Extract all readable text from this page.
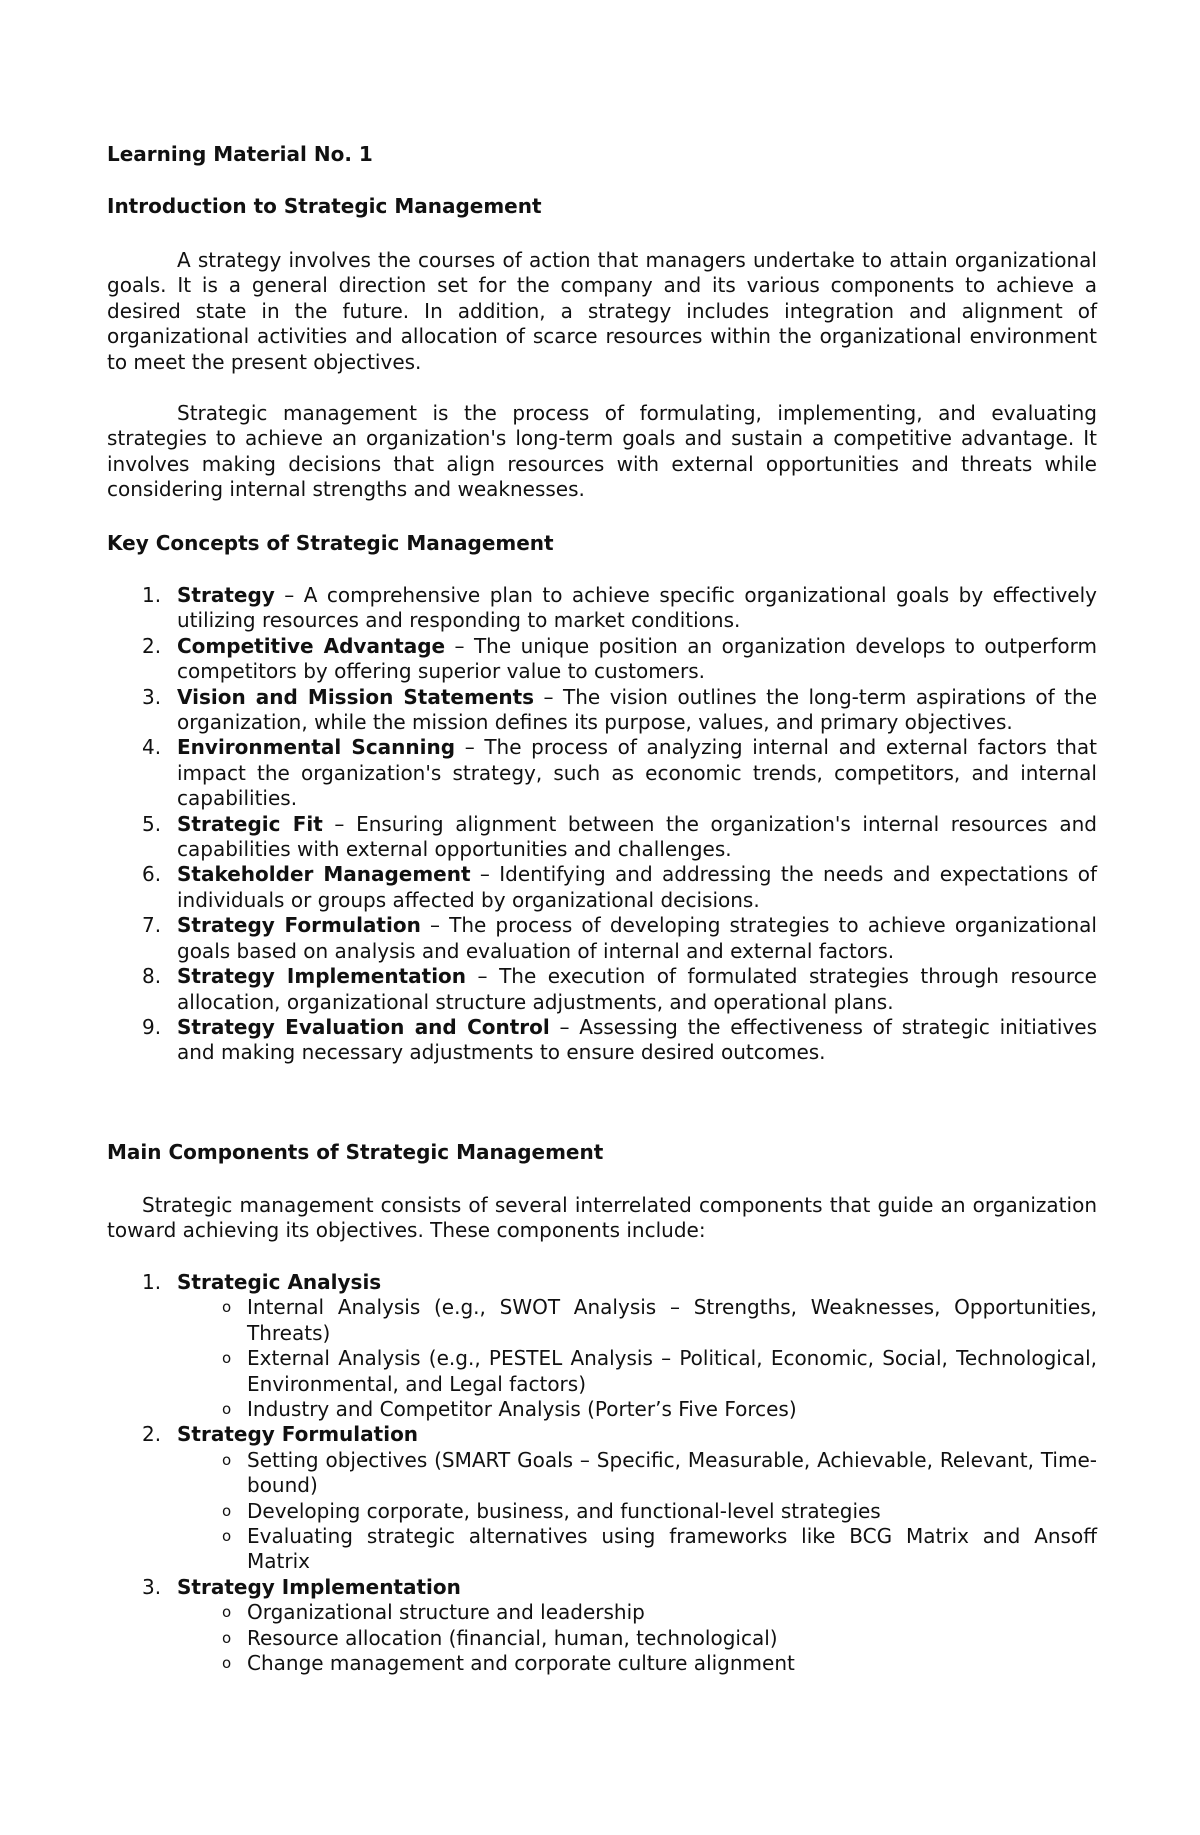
Learning Material No. 1

Introduction to Strategic Management

A strategy involves the courses of action that managers undertake to attain organizational goals. It is a general direction set for the company and its various components to achieve a desired state in the future. In addition, a strategy includes integration and alignment of organizational activities and allocation of scarce resources within the organizational environment to meet the present objectives.

Strategic management is the process of formulating, implementing, and evaluating strategies to achieve an organization's long-term goals and sustain a competitive advantage. It involves making decisions that align resources with external opportunities and threats while considering internal strengths and weaknesses.

Key Concepts of Strategic Management

1. Strategy – A comprehensive plan to achieve specific organizational goals by effectively utilizing resources and responding to market conditions.
2. Competitive Advantage – The unique position an organization develops to outperform competitors by offering superior value to customers.
3. Vision and Mission Statements – The vision outlines the long-term aspirations of the organization, while the mission defines its purpose, values, and primary objectives.
4. Environmental Scanning – The process of analyzing internal and external factors that impact the organization's strategy, such as economic trends, competitors, and internal capabilities.
5. Strategic Fit – Ensuring alignment between the organization's internal resources and capabilities with external opportunities and challenges.
6. Stakeholder Management – Identifying and addressing the needs and expectations of individuals or groups affected by organizational decisions.
7. Strategy Formulation – The process of developing strategies to achieve organizational goals based on analysis and evaluation of internal and external factors.
8. Strategy Implementation – The execution of formulated strategies through resource allocation, organizational structure adjustments, and operational plans.
9. Strategy Evaluation and Control – Assessing the effectiveness of strategic initiatives and making necessary adjustments to ensure desired outcomes.

Main Components of Strategic Management

Strategic management consists of several interrelated components that guide an organization toward achieving its objectives. These components include:

1. Strategic Analysis
o Internal Analysis (e.g., SWOT Analysis – Strengths, Weaknesses, Opportunities, Threats)
o External Analysis (e.g., PESTEL Analysis – Political, Economic, Social, Technological, Environmental, and Legal factors)
o Industry and Competitor Analysis (Porter’s Five Forces)
2. Strategy Formulation
o Setting objectives (SMART Goals – Specific, Measurable, Achievable, Relevant, Time-bound)
o Developing corporate, business, and functional-level strategies
o Evaluating strategic alternatives using frameworks like BCG Matrix and Ansoff Matrix
3. Strategy Implementation
o Organizational structure and leadership
o Resource allocation (financial, human, technological)
o Change management and corporate culture alignment
